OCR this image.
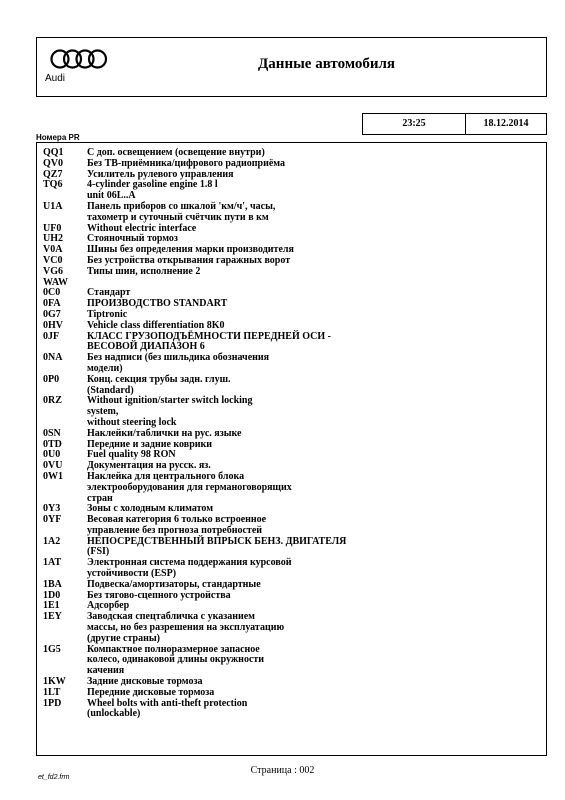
Audi
Данные автомобиля
23:25	18.12.2014
Номера PR
QQ1	С доп. освещением (освещение внутри)
QV0	Без ТВ-приёмника/цифрового радиоприёма
QZ7	Усилитель рулевого управления
TQ6	4-cylinder gasoline engine 1.8 l
unit 06L..A
U1A	Панель приборов со шкалой 'км/ч', часы,
тахометр и суточный счётчик пути в км
UF0	Without electric interface
UH2	Стояночный тормоз
V0A	Шины без определения марки производителя
VC0	Без устройства открывания гаражных ворот
VG6	Типы шин, исполнение 2
WAW
0C0	Стандарт
0FA	ПРОИЗВОДСТВО STANDART
0G7	Tiptronic
0HV	Vehicle class differentiation 8K0
0JF	КЛАСС ГРУЗОПОДЪЁМНОСТИ ПЕРЕДНЕЙ ОСИ -
ВЕСОВОЙ ДИАПАЗОН 6
0NA	Без надписи (без шильдика обозначения
модели)
0P0	Конц. секция трубы задн. глуш.
(Standard)
0RZ	Without ignition/starter switch locking
system,
without steering lock
0SN	Наклейки/таблички на рус. языке
0TD	Передние и задние коврики
0U0	Fuel quality 98 RON
0VU	Документация на русск. яз.
0W1	Наклейка для центрального блока
электрооборудования для германоговорящих
стран
0Y3	Зоны с холодным климатом
0YF	Весовая категория 6 только встроенное
управление без прогноза потребностей
1A2	НЕПОСРЕДСТВЕННЫЙ ВПРЫСК БЕНЗ. ДВИГАТЕЛЯ
(FSI)
1AT	Электронная система поддержания курсовой
устойчивости (ESP)
1BA	Подвеска/амортизаторы, стандартные
1D0	Без тягово-сцепного устройства
1E1	Адсорбер
1EY	Заводская спецтабличка с указанием
массы, но без разрешения на эксплуатацию
(другие страны)
1G5	Компактное полноразмерное запасное
колесо, одинаковой длины окружности
качения
1KW	Задние дисковые тормоза
1LT	Передние дисковые тормоза
1PD	Wheel bolts with anti-theft protection
(unlockable)
Страница : 002
et_fd2.frm
